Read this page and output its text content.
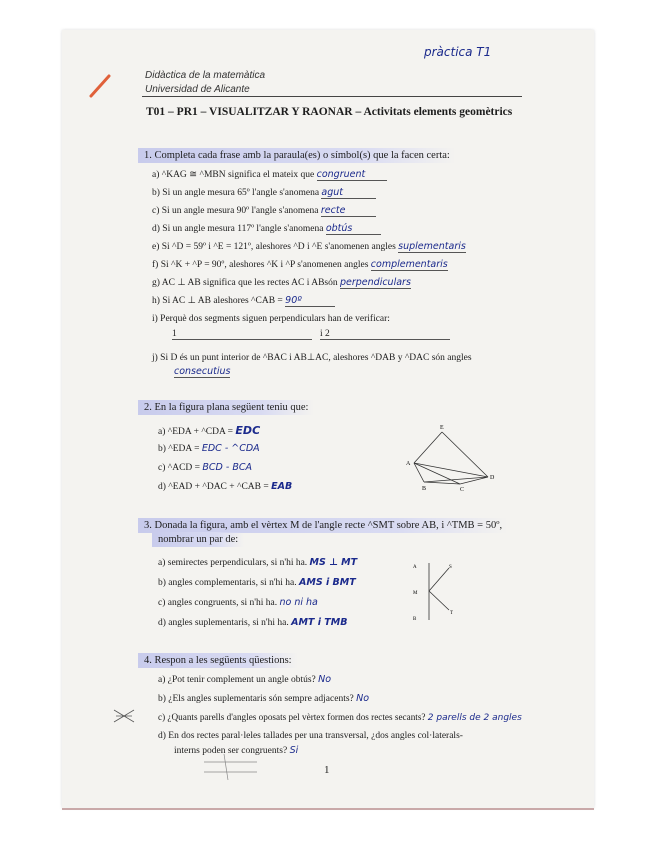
pràctica T1
Didàctica de la matemàtica
Universidad de Alicante
T01 – PR1 – VISUALITZAR Y RAONAR – Activitats elements geomètrics
1. Completa cada frase amb la paraula(es) o símbol(s) que la facen certa:
a) ^KAG ≅ ^MBN significa el mateix que congruent
b) Si un angle mesura 65º l'angle s'anomena agut
c) Si un angle mesura 90º l'angle s'anomena recte
d) Si un angle mesura 117º l'angle s'anomena obtús
e) Si ^D = 59º i ^E = 121º, aleshores ^D i ^E s'anomenen angles suplementaris
f) Si ^K + ^P = 90º, aleshores ^K i ^P s'anomenen angles complementaris
g) AC ⊥ AB significa que les rectes AC i ABsón perpendiculars
h) Si AC ⊥ AB aleshores ^CAB = 90º
i) Perquè dos segments siguen perpendiculars han de verificar:
1	i 2
j) Si D és un punt interior de ^BAC i AB⊥AC, aleshores ^DAB y ^DAC són angles
consecutius
2. En la figura plana següent teniu que:
a) ^EDA + ^CDA = EDC
b) ^EDA = EDC - ^CDA
c) ^ACD = BCD - BCA
d) ^EAD + ^DAC + ^CAB = EAB
E
A
B	C
D
3. Donada la figura, amb el vèrtex M de l'angle recte ^SMT sobre AB, i ^TMB = 50º,
nombrar un par de:
a) semirectes perpendiculars, si n'hi ha. MS ⊥ MT
b) angles complementaris, si n'hi ha. AMS i BMT
c) angles congruents, si n'hi ha. no ni ha
d) angles suplementaris, si n'hi ha. AMT i TMB
A	S
M
T
B
4. Respon a les següents qüestions:
a) ¿Pot tenir complement un angle obtús? No
b) ¿Els angles suplementaris són sempre adjacents? No
c) ¿Quants parells d'angles oposats pel vèrtex formen dos rectes secants? 2 parells de 2 angles
d) En dos rectes paral·leles tallades per una transversal, ¿dos angles col·laterals-
interns poden ser congruents? Si
1
